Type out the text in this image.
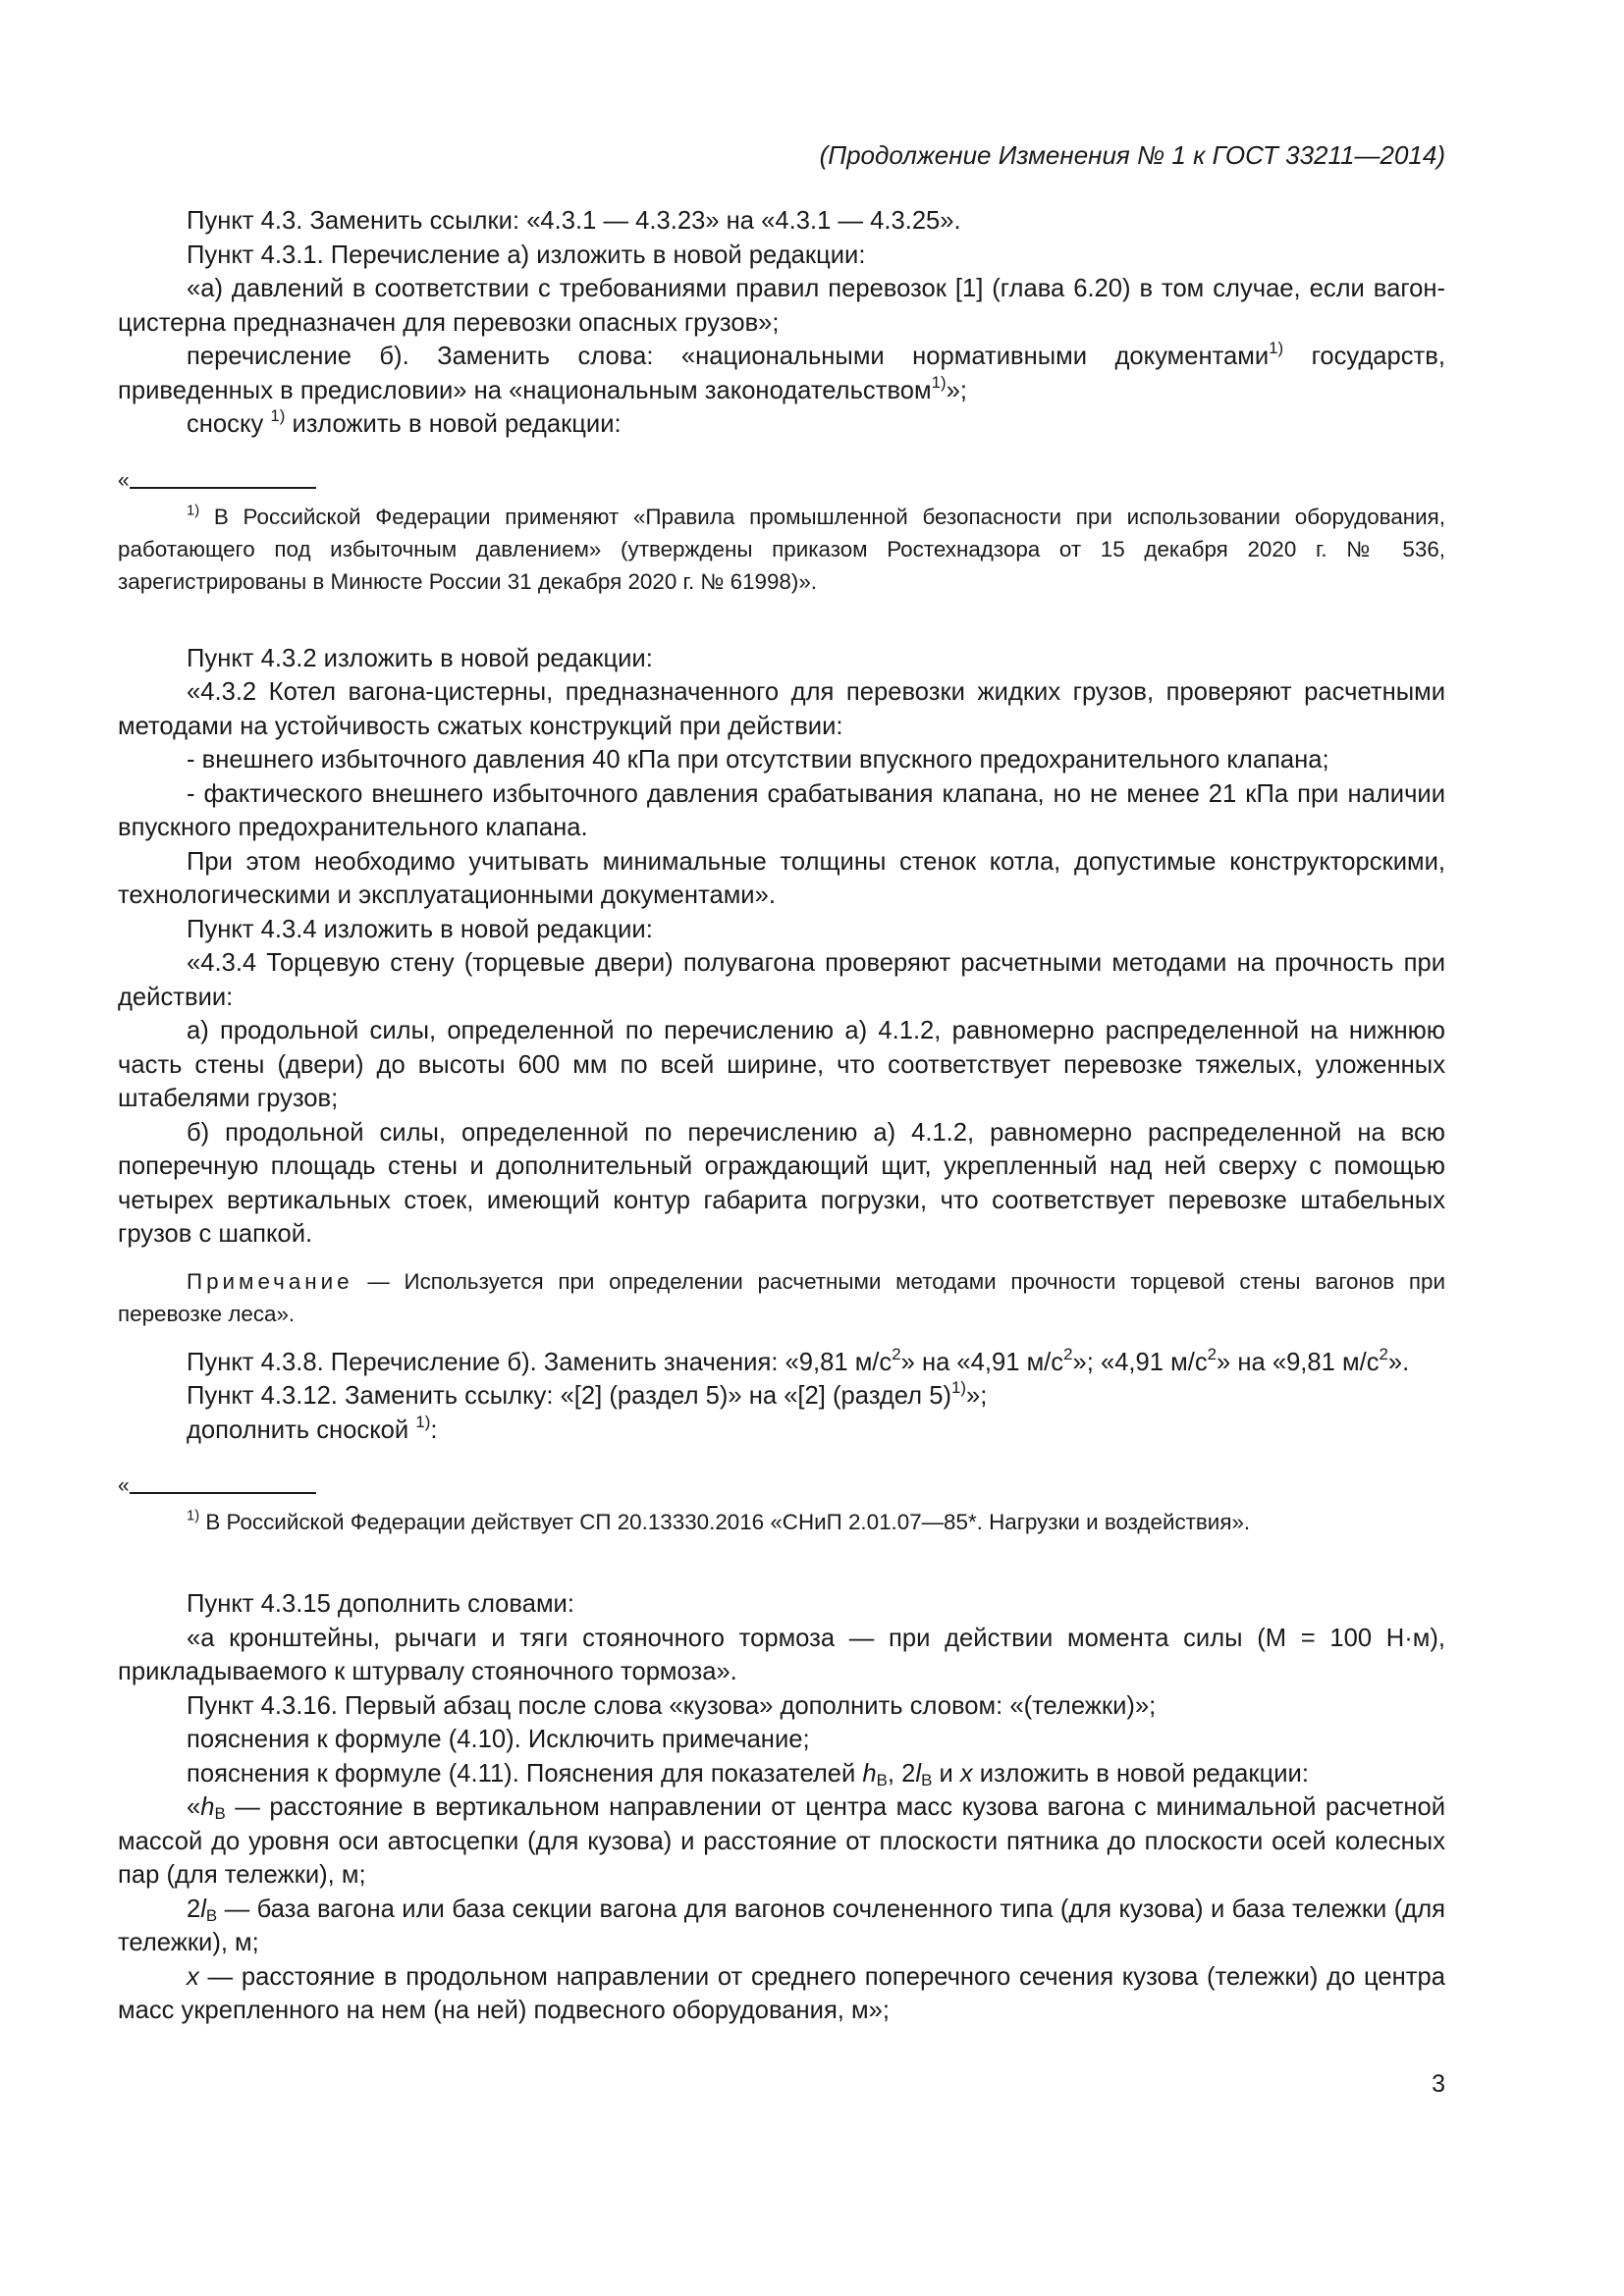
(Продолжение Изменения № 1 к ГОСТ 33211—2014)

Пункт 4.3. Заменить ссылки: «4.3.1 — 4.3.23» на «4.3.1 — 4.3.25».

Пункт 4.3.1. Перечисление а) изложить в новой редакции:

«а) давлений в соответствии с требованиями правил перевозок [1] (глава 6.20) в том случае, если вагон-цистерна предназначен для перевозки опасных грузов»;

перечисление б). Заменить слова: «национальными нормативными документами$^{1)}$ государств, приведенных в предисловии» на «национальным законодательством$^{1)}$»;

сноску $^{1)}$ изложить в новой редакции:

«

$^{1)}$ В Российской Федерации применяют «Правила промышленной безопасности при использовании оборудования, работающего под избыточным давлением» (утверждены приказом Ростехнадзора от 15 декабря 2020 г. № 536, зарегистрированы в Минюсте России 31 декабря 2020 г. № 61998)».

Пункт 4.3.2 изложить в новой редакции:

«4.3.2 Котел вагона-цистерны, предназначенного для перевозки жидких грузов, проверяют расчетными методами на устойчивость сжатых конструкций при действии:

- внешнего избыточного давления 40 кПа при отсутствии впускного предохранительного клапана;

- фактического внешнего избыточного давления срабатывания клапана, но не менее 21 кПа при наличии впускного предохранительного клапана.

При этом необходимо учитывать минимальные толщины стенок котла, допустимые конструкторскими, технологическими и эксплуатационными документами».

Пункт 4.3.4 изложить в новой редакции:

«4.3.4 Торцевую стену (торцевые двери) полувагона проверяют расчетными методами на прочность при действии:

а) продольной силы, определенной по перечислению а) 4.1.2, равномерно распределенной на нижнюю часть стены (двери) до высоты 600 мм по всей ширине, что соответствует перевозке тяжелых, уложенных штабелями грузов;

б) продольной силы, определенной по перечислению а) 4.1.2, равномерно распределенной на всю поперечную площадь стены и дополнительный ограждающий щит, укрепленный над ней сверху с помощью четырех вертикальных стоек, имеющий контур габарита погрузки, что соответствует перевозке штабельных грузов с шапкой.

Примечание — Используется при определении расчетными методами прочности торцевой стены вагонов при перевозке леса».

Пункт 4.3.8. Перечисление б). Заменить значения: «9,81 $м/с^2$» на «4,91 $м/с^2$»; «4,91 $м/с^2$» на «9,81 $м/с^2$».

Пункт 4.3.12. Заменить ссылку: «[2] (раздел 5)» на «[2] (раздел 5)$^{1)}$»;

дополнить сноской $^{1)}$:

«

$^{1)}$ В Российской Федерации действует СП 20.13330.2016 «СНиП 2.01.07—85*. Нагрузки и воздействия».

Пункт 4.3.15 дополнить словами:

«а кронштейны, рычаги и тяги стояночного тормоза — при действии момента силы (М = 100 Н·м), прикладываемого к штурвалу стояночного тормоза».

Пункт 4.3.16. Первый абзац после слова «кузова» дополнить словом: «(тележки)»;

пояснения к формуле (4.10). Исключить примечание;

пояснения к формуле (4.11). Пояснения для показателей $h_В$, $2l_В$ и x изложить в новой редакции:

«$h_В$ — расстояние в вертикальном направлении от центра масс кузова вагона с минимальной расчетной массой до уровня оси автосцепки (для кузова) и расстояние от плоскости пятника до плоскости осей колесных пар (для тележки), м;

$2l_В$ — база вагона или база секции вагона для вагонов сочлененного типа (для кузова) и база тележки (для тележки), м;

x — расстояние в продольном направлении от среднего поперечного сечения кузова (тележки) до центра масс укрепленного на нем (на ней) подвесного оборудования, м»;

3
